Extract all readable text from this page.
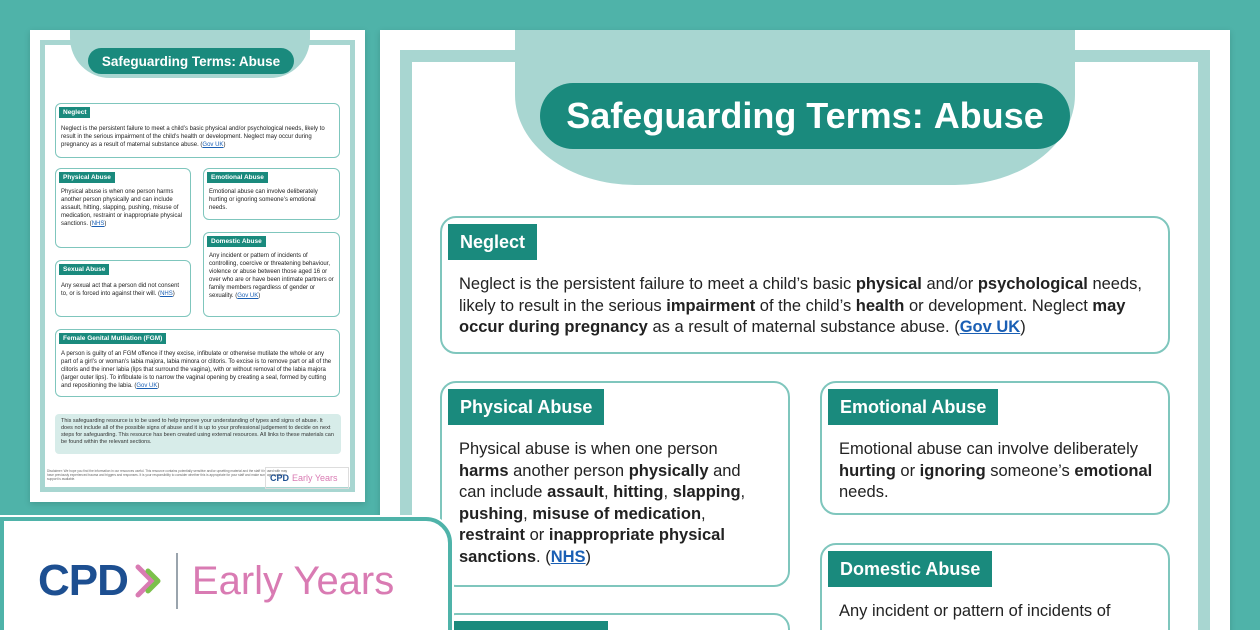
Safeguarding Terms: Abuse
Neglect
Neglect is the persistent failure to meet a child’s basic physical and/or psychological needs, likely to result in the serious impairment of the child’s health or development. Neglect may occur during pregnancy as a result of maternal substance abuse. (Gov UK)
Physical Abuse
Physical abuse is when one person harms another person physically and can include assault, hitting, slapping, pushing, misuse of medication, restraint or inappropriate physical sanctions. (NHS)
Emotional Abuse
Emotional abuse can involve deliberately hurting or ignoring someone’s emotional needs.
Domestic Abuse
Any incident or pattern of incidents of controlling, coercive or threatening behaviour, violence or abuse between those aged 16 or over who are or have been intimate partners or family members regardless of gender or sexuality. (Gov UK)
Sexual Abuse
Any sexual act that a person did not consent to, or is forced into against their will. (NHS)
Female Genital Mutilation (FGM)
A person is guilty of an FGM offence if they excise, infibulate or otherwise mutilate the whole or any part of a girl’s or woman’s labia majora, labia minora or clitoris. To excise is to remove part or all of the clitoris and the inner labia (lips that surround the vagina), with or without removal of the labia majora (larger outer lips). To infibulate is to narrow the vaginal opening by creating a seal, formed by cutting and repositioning the labia. (Gov UK)
This safeguarding resource is to be used to help improve your understanding of types and signs of abuse. It does not include all of the possible signs of abuse and it is up to your professional judgement to decide on next steps for safeguarding. This resource has been created using external resources. All links to these materials can be found within the relevant sections.
Disclaimer: We hope you find the information in our resources useful. This resource contains potentially sensitive and/or upsetting material and the staff it is used with may have previously experienced trauma and triggers and responses. It is your responsibility to consider whether this is appropriate for your staff and make sure appropriate support is available.	CPD Early Years
Safeguarding Terms: Abuse
Neglect
Neglect is the persistent failure to meet a child’s basic physical and/or psychological needs, likely to result in the serious impairment of the child’s health or development. Neglect may occur during pregnancy as a result of maternal substance abuse. (Gov UK)
Physical Abuse
Physical abuse is when one person harms another person physically and can include assault, hitting, slapping, pushing, misuse of medication, restraint or inappropriate physical sanctions. (NHS)
Emotional Abuse
Emotional abuse can involve deliberately hurting or ignoring someone’s emotional needs.
Domestic Abuse
Any incident or pattern of incidents of
CPD Early Years
